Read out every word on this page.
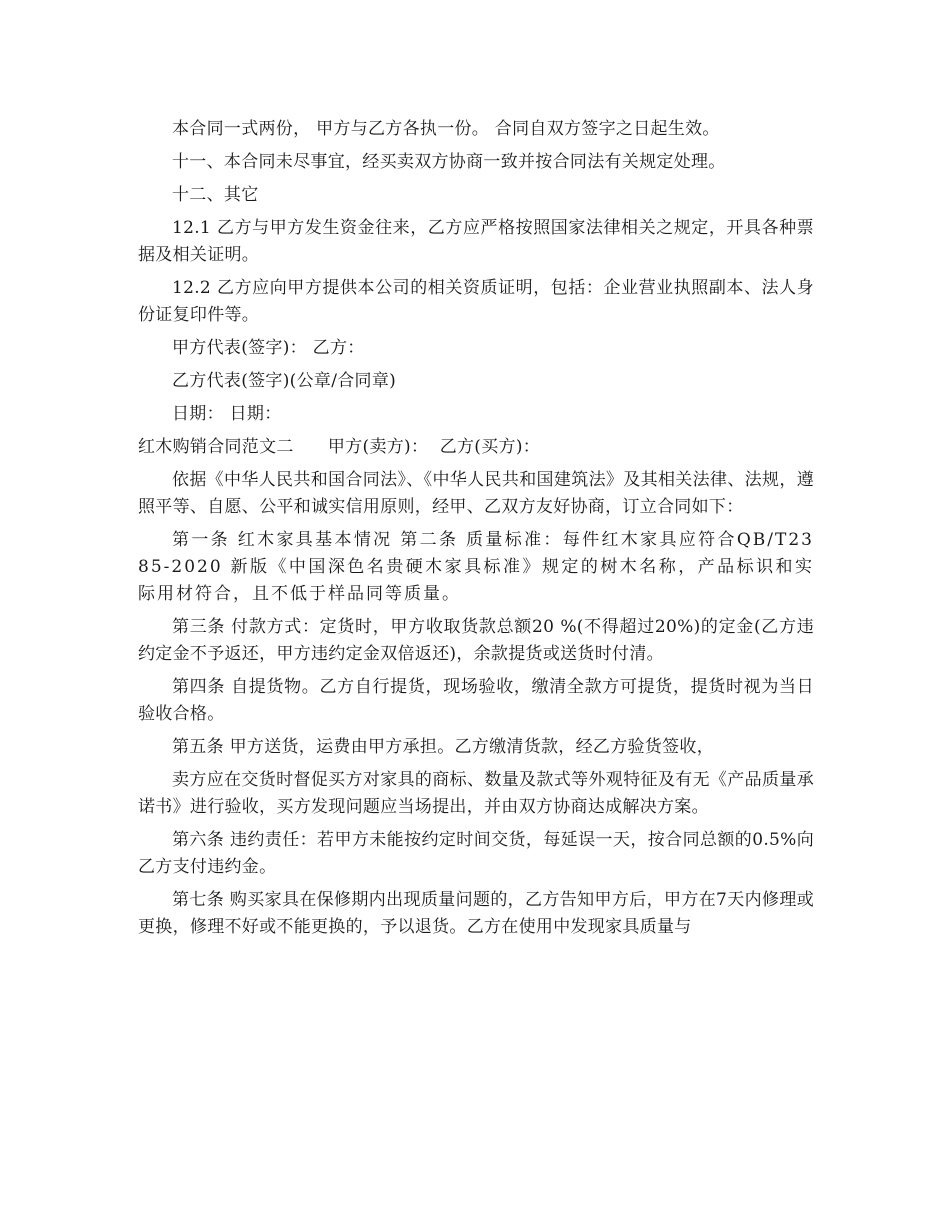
本合同一式两份， 甲方与乙方各执一份。 合同自双方签字之日起生效。

十一、本合同未尽事宜，经买卖双方协商一致并按合同法有关规定处理。

十二、其它

12.1 乙方与甲方发生资金往来，乙方应严格按照国家法律相关之规定，开具各种票据及相关证明。

12.2 乙方应向甲方提供本公司的相关资质证明，包括：企业营业执照副本、法人身份证复印件等。

甲方代表(签字)： 乙方：

乙方代表(签字)(公章/合同章)

日期： 日期：

红木购销合同范文二      甲方(卖方)：  乙方(买方)：

依据《中华人民共和国合同法》、《中华人民共和国建筑法》及其相关法律、法规，遵照平等、自愿、公平和诚实信用原则，经甲、乙双方友好协商，订立合同如下：

第一条 红木家具基本情况 第二条 质量标准：每件红木家具应符合QB/T2385-2020 新版《中国深色名贵硬木家具标准》规定的树木名称，产品标识和实际用材符合，且不低于样品同等质量。

第三条 付款方式：定货时，甲方收取货款总额20 %(不得超过20%)的定金(乙方违约定金不予返还，甲方违约定金双倍返还)，余款提货或送货时付清。

第四条 自提货物。乙方自行提货，现场验收，缴清全款方可提货，提货时视为当日验收合格。

第五条 甲方送货，运费由甲方承担。乙方缴清货款，经乙方验货签收，

卖方应在交货时督促买方对家具的商标、数量及款式等外观特征及有无《产品质量承诺书》进行验收，买方发现问题应当场提出，并由双方协商达成解决方案。

第六条 违约责任：若甲方未能按约定时间交货，每延误一天，按合同总额的0.5%向乙方支付违约金。

第七条 购买家具在保修期内出现质量问题的，乙方告知甲方后，甲方在7天内修理或更换，修理不好或不能更换的，予以退货。乙方在使用中发现家具质量与
